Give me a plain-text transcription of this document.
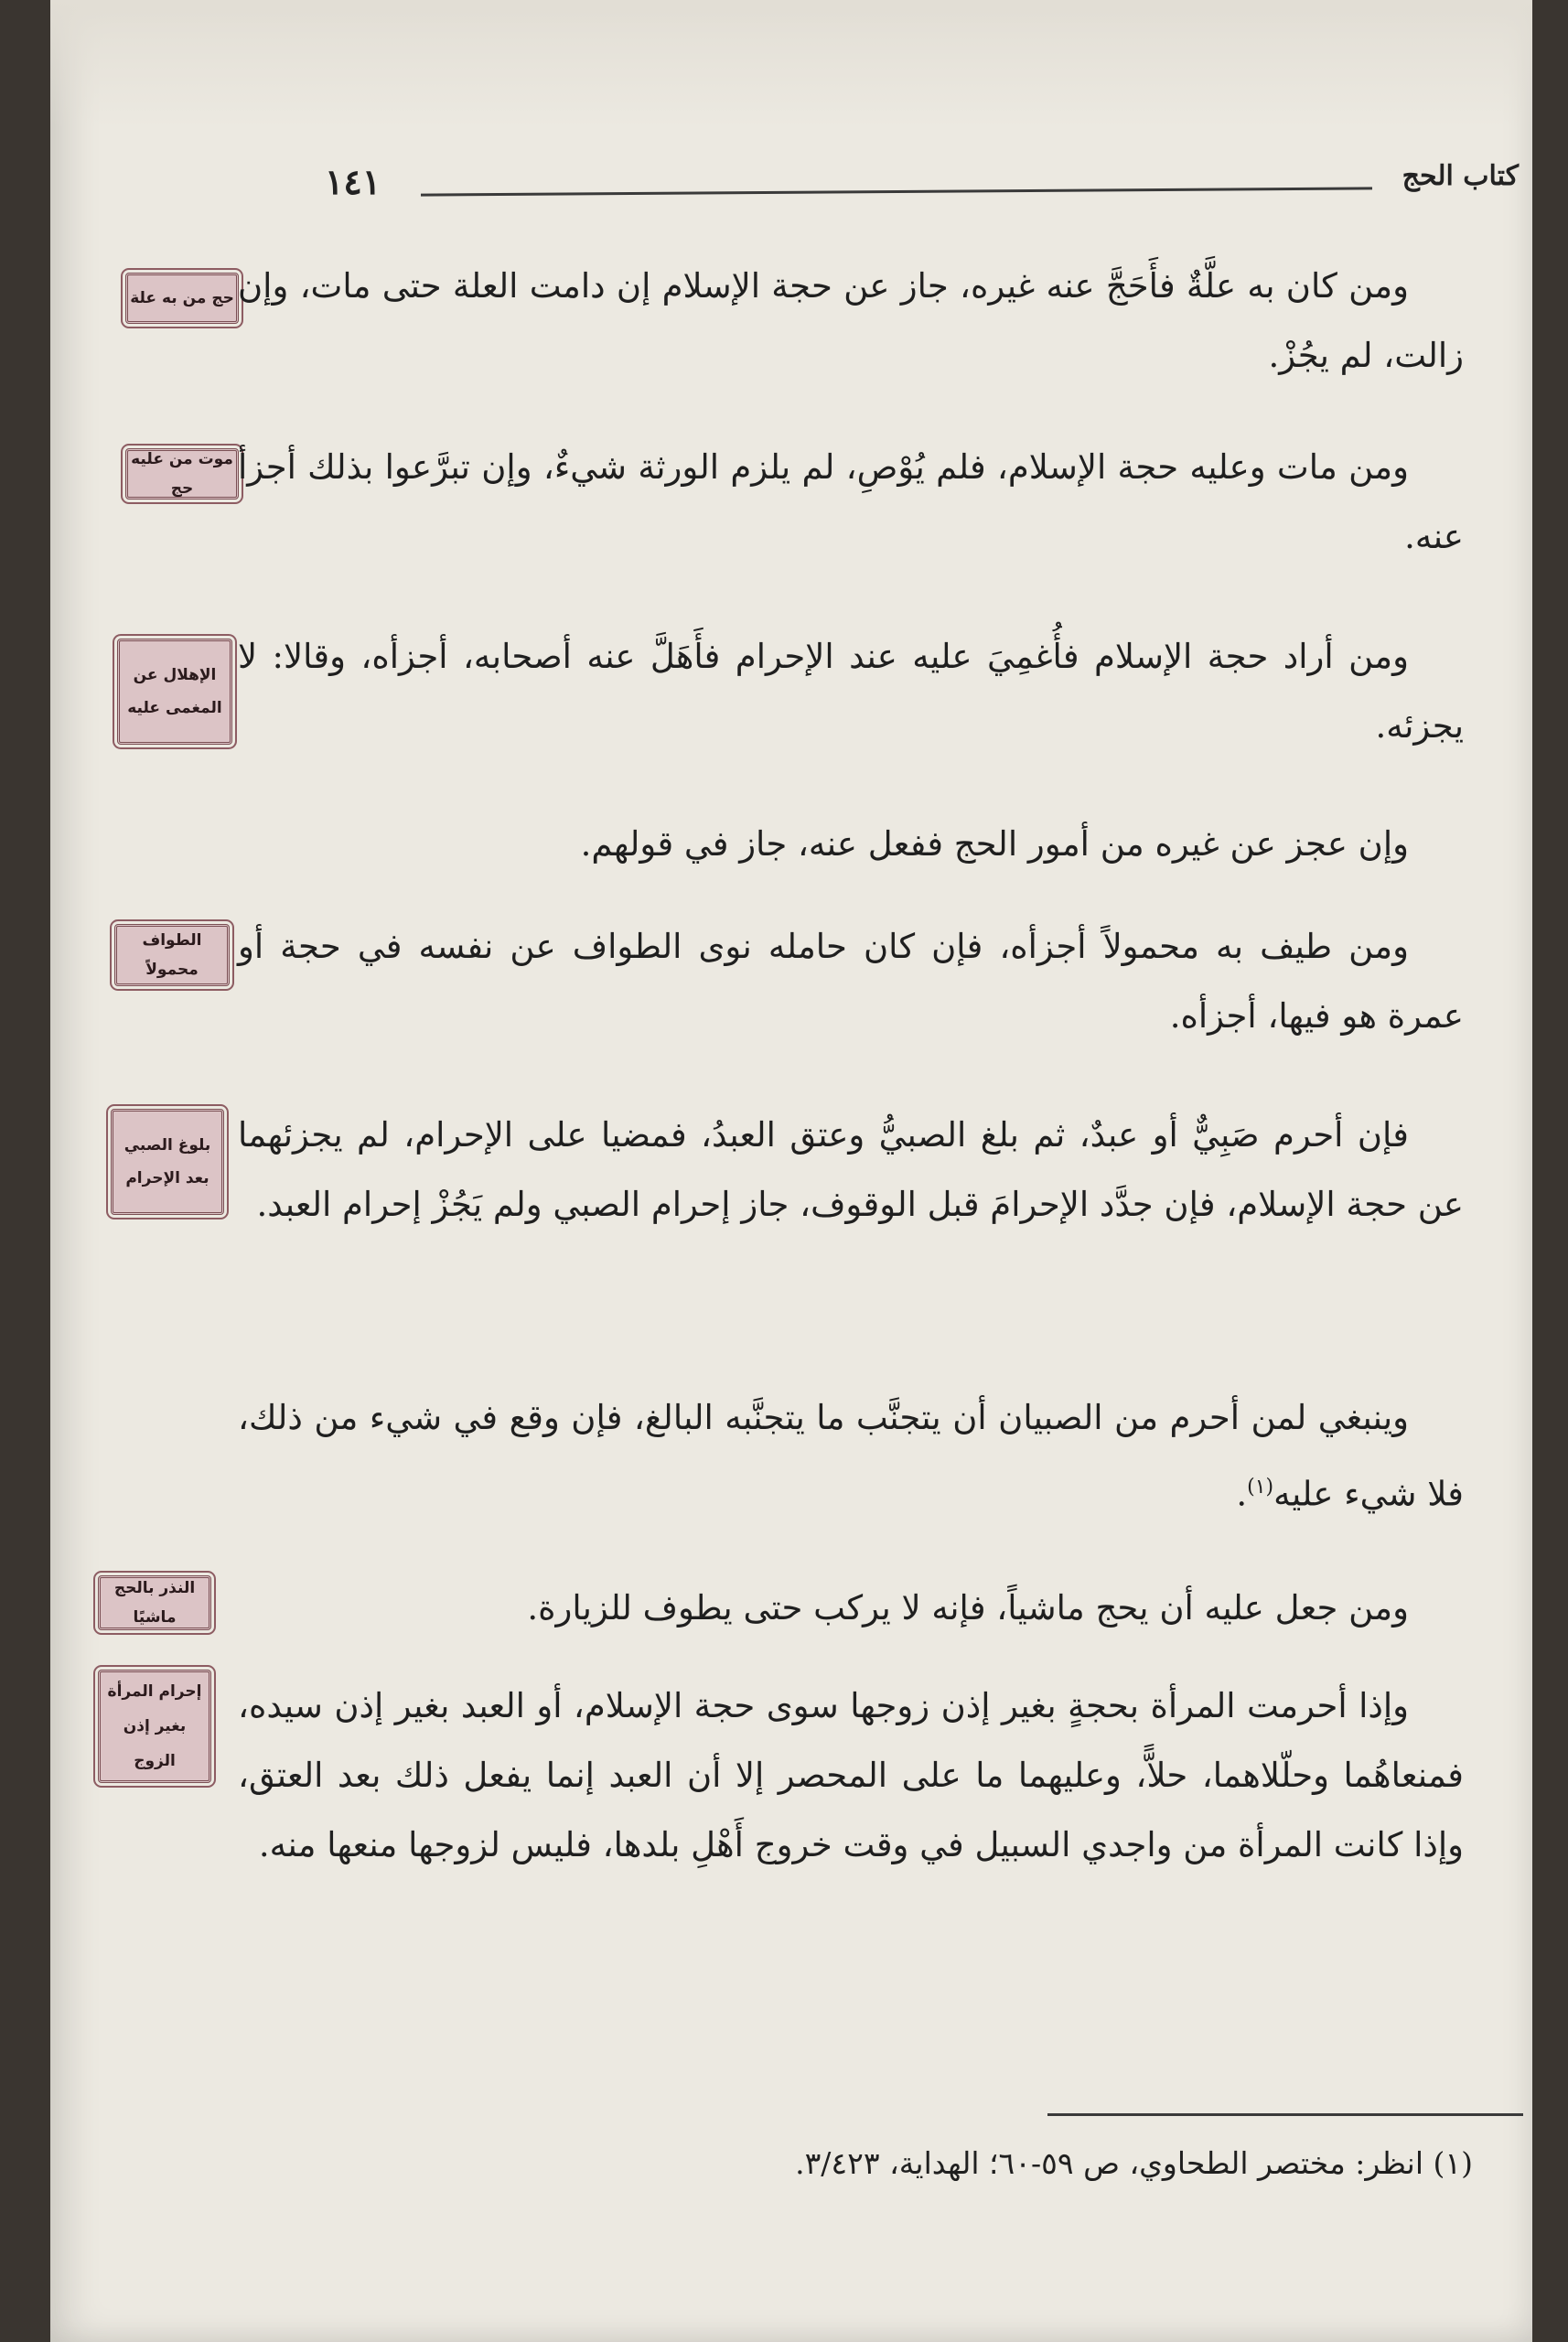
كتاب الحج
١٤١
حج من به علة
موت من عليه حج
الإهلال عن المغمى عليه
الطواف محمولاً
بلوغ الصبي بعد الإحرام
النذر بالحج ماشيًا
إحرام المرأة بغير إذن الزوج
ومن كان به علَّةٌ فأَحَجَّ عنه غيره، جاز عن حجة الإسلام إن دامت العلة حتى مات، وإن زالت، لم يجُزْ.
ومن مات وعليه حجة الإسلام، فلم يُوْصِ، لم يلزم الورثة شيءٌ، وإن تبرَّعوا بذلك أجزأ عنه.
ومن أراد حجة الإسلام فأُغمِيَ عليه عند الإحرام فأَهَلَّ عنه أصحابه، أجزأه، وقالا: لا يجزئه.
وإن عجز عن غيره من أمور الحج ففعل عنه، جاز في قولهم.
ومن طيف به محمولاً أجزأه، فإن كان حامله نوى الطواف عن نفسه في حجة أو عمرة هو فيها، أجزأه.
فإن أحرم صَبِيٌّ أو عبدٌ، ثم بلغ الصبيُّ وعتق العبدُ، فمضيا على الإحرام، لم يجزئهما عن حجة الإسلام، فإن جدَّد الإحرامَ قبل الوقوف، جاز إحرام الصبي ولم يَجُزْ إحرام العبد.
وينبغي لمن أحرم من الصبيان أن يتجنَّب ما يتجنَّبه البالغ، فإن وقع في شيء من ذلك، فلا شيء عليه$^{(١)}$.
ومن جعل عليه أن يحج ماشياً، فإنه لا يركب حتى يطوف للزيارة.
وإذا أحرمت المرأة بحجةٍ بغير إذن زوجها سوى حجة الإسلام، أو العبد بغير إذن سيده، فمنعاهُما وحلّلاهما، حلاًّ، وعليهما ما على المحصر إلا أن العبد إنما يفعل ذلك بعد العتق، وإذا كانت المرأة من واجدي السبيل في وقت خروج أَهْلِ بلدها، فليس لزوجها منعها منه.
(١) انظر: مختصر الطحاوي، ص ٥٩-٦٠؛ الهداية، ٣/٤٢٣.
